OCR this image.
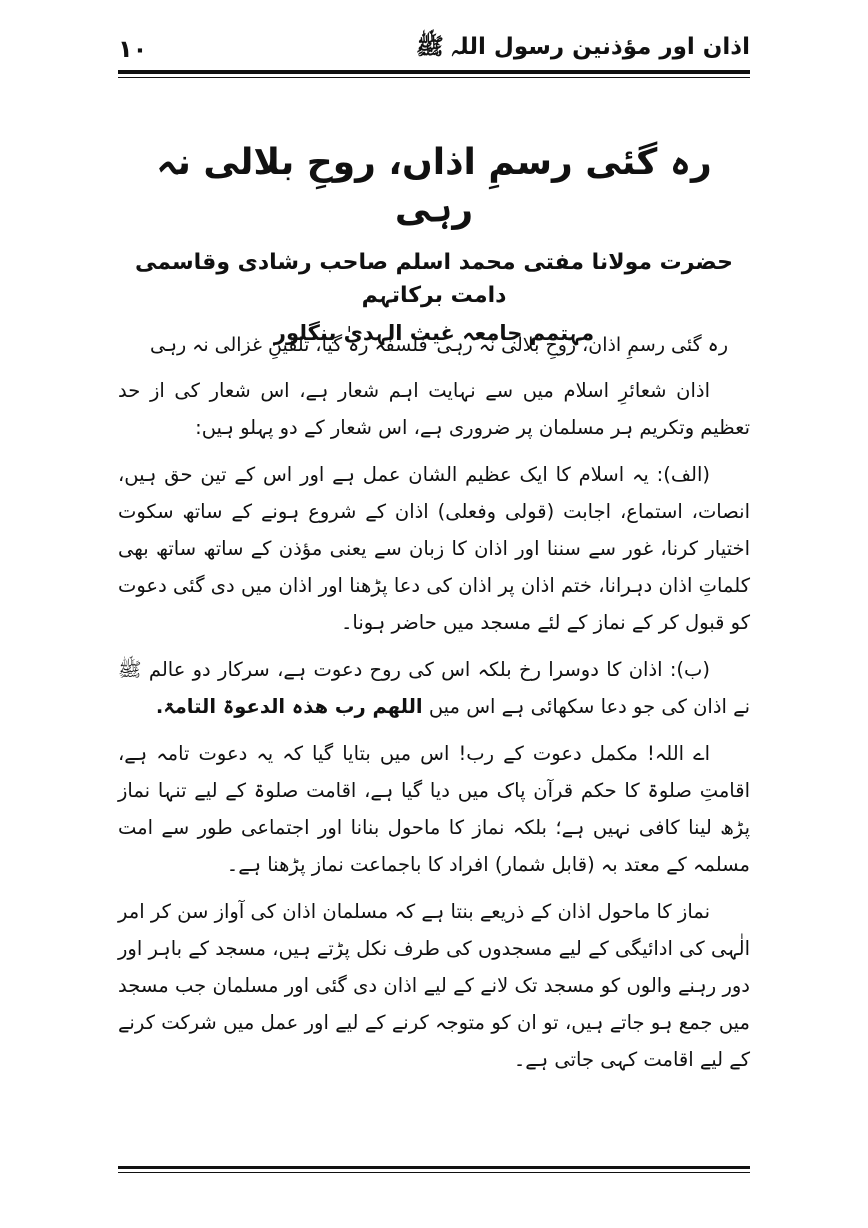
۱۰	اذان اور مؤذنین رسول اللہ ﷺ
رہ گئی رسمِ اذاں، روحِ بلالی نہ رہی

حضرت مولانا مفتی محمد اسلم صاحب رشادی وقاسمی دامت برکاتہم

مہتمم جامعہ غیث الہدیٰ بنگلور

رہ گئی رسمِ اذان، روحِ بلالی نہ رہی
فلسفہ رہ گیا، تلقینِ غزالی نہ رہی

اذان شعائرِ اسلام میں سے نہایت اہم شعار ہے، اس شعار کی از حد تعظیم وتکریم ہر مسلمان پر ضروری ہے، اس شعار کے دو پہلو ہیں:

(الف): یہ اسلام کا ایک عظیم الشان عمل ہے اور اس کے تین حق ہیں، انصات، استماع، اجابت (قولی وفعلی) اذان کے شروع ہونے کے ساتھ سکوت اختیار کرنا، غور سے سننا اور اذان کا زبان سے یعنی مؤذن کے ساتھ ساتھ بھی کلماتِ اذان دہرانا، ختم اذان پر اذان کی دعا پڑھنا اور اذان میں دی گئی دعوت کو قبول کر کے نماز کے لئے مسجد میں حاضر ہونا۔

(ب): اذان کا دوسرا رخ بلکہ اس کی روح دعوت ہے، سرکار دو عالم ﷺ نے اذان کی جو دعا سکھائی ہے اس میں اللھم رب ھذہ الدعوۃ التامۃ.

اے اللہ! مکمل دعوت کے رب! اس میں بتایا گیا کہ یہ دعوت تامہ ہے، اقامتِ صلوۃ کا حکم قرآن پاک میں دیا گیا ہے، اقامت صلوۃ کے لیے تنہا نماز پڑھ لینا کافی نہیں ہے؛ بلکہ نماز کا ماحول بنانا اور اجتماعی طور سے امت مسلمہ کے معتد بہ (قابل شمار) افراد کا باجماعت نماز پڑھنا ہے۔

نماز کا ماحول اذان کے ذریعے بنتا ہے کہ مسلمان اذان کی آواز سن کر امر الٰہی کی ادائیگی کے لیے مسجدوں کی طرف نکل پڑتے ہیں، مسجد کے باہر اور دور رہنے والوں کو مسجد تک لانے کے لیے اذان دی گئی اور مسلمان جب مسجد میں جمع ہو جاتے ہیں، تو ان کو متوجہ کرنے کے لیے اور عمل میں شرکت کرنے کے لیے اقامت کہی جاتی ہے۔
